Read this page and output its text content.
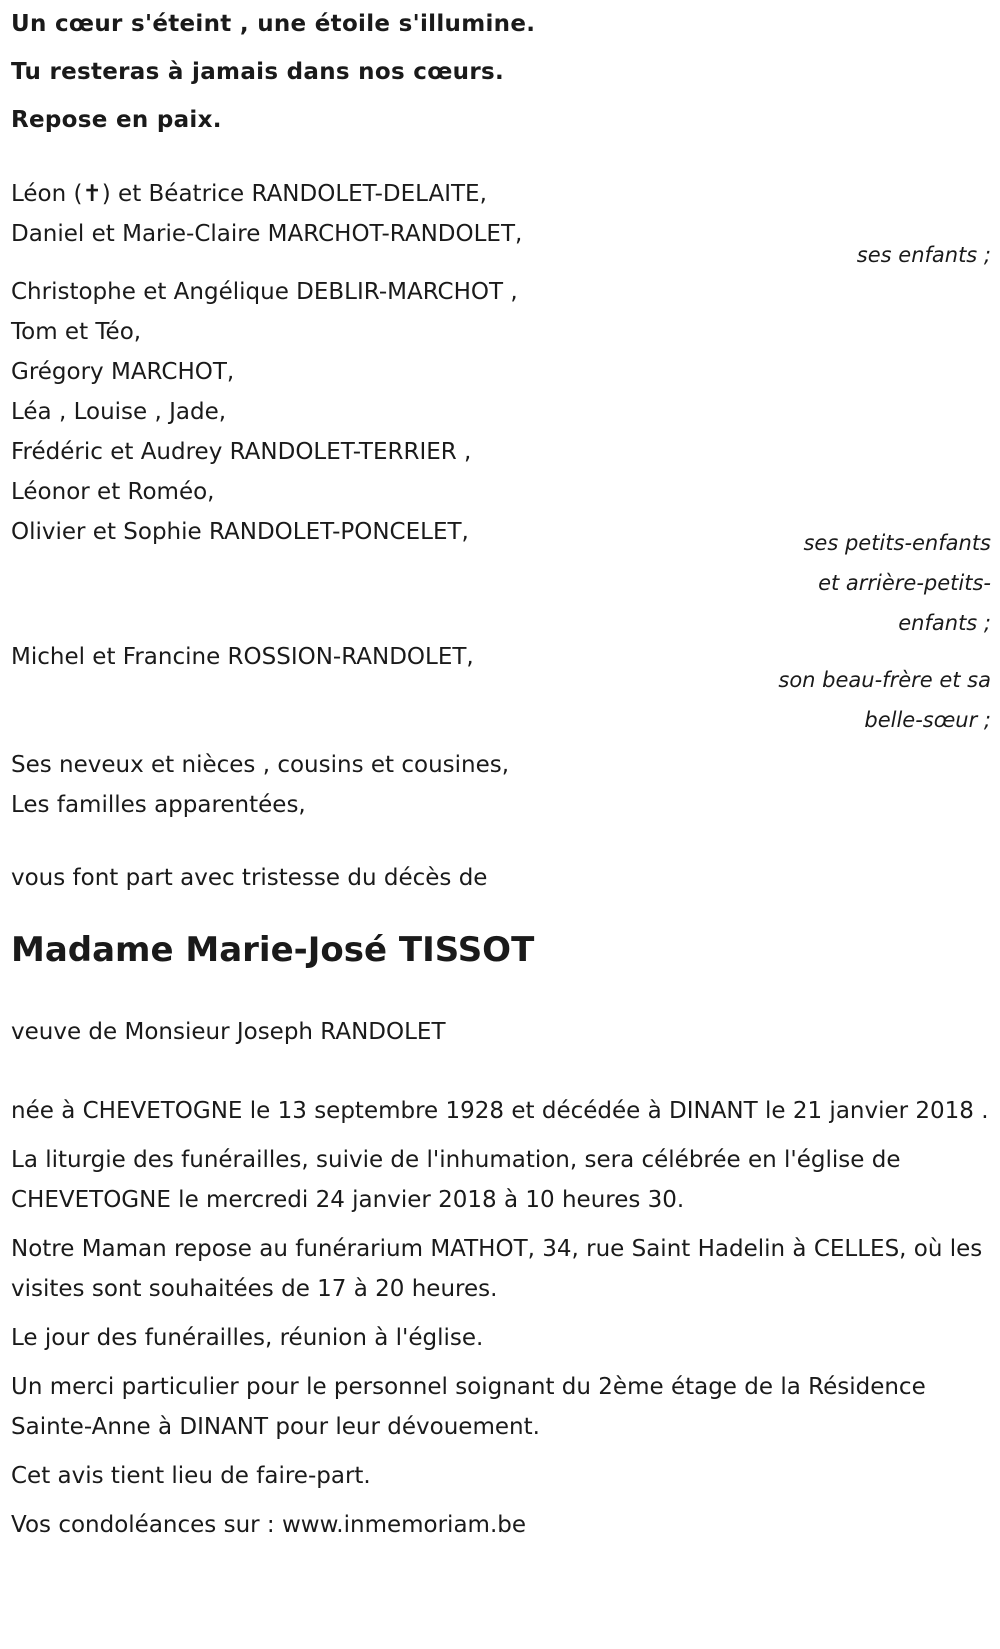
Un cœur s'éteint , une étoile s'illumine.
Tu resteras à jamais dans nos cœurs.
Repose en paix.
Léon (✝) et Béatrice RANDOLET-DELAITE,
Daniel et Marie-Claire MARCHOT-RANDOLET,
ses enfants ;
Christophe et Angélique DEBLIR-MARCHOT ,
Tom et Téo,
Grégory MARCHOT,
Léa , Louise , Jade,
Frédéric et Audrey RANDOLET-TERRIER ,
Léonor et Roméo,
Olivier et Sophie RANDOLET-PONCELET,	ses petits-enfants
et arrière-petits-
enfants ;
Michel et Francine ROSSION-RANDOLET,
son beau-frère et sa
belle-sœur ;
Ses neveux et nièces , cousins et cousines,
Les familles apparentées,
vous font part avec tristesse du décès de
Madame Marie-José TISSOT
veuve de Monsieur Joseph RANDOLET

née à CHEVETOGNE le 13 septembre 1928 et décédée à DINANT le 21 janvier 2018 .

La liturgie des funérailles, suivie de l'inhumation, sera célébrée en l'église de CHEVETOGNE le mercredi 24 janvier 2018 à 10 heures 30.

Notre Maman repose au funérarium MATHOT, 34, rue Saint Hadelin à CELLES, où les visites sont souhaitées de 17 à 20 heures.

Le jour des funérailles, réunion à l'église.

Un merci particulier pour le personnel soignant du 2ème étage de la Résidence Sainte-Anne à DINANT pour leur dévouement.

Cet avis tient lieu de faire-part.

Vos condoléances sur : www.inmemoriam.be
